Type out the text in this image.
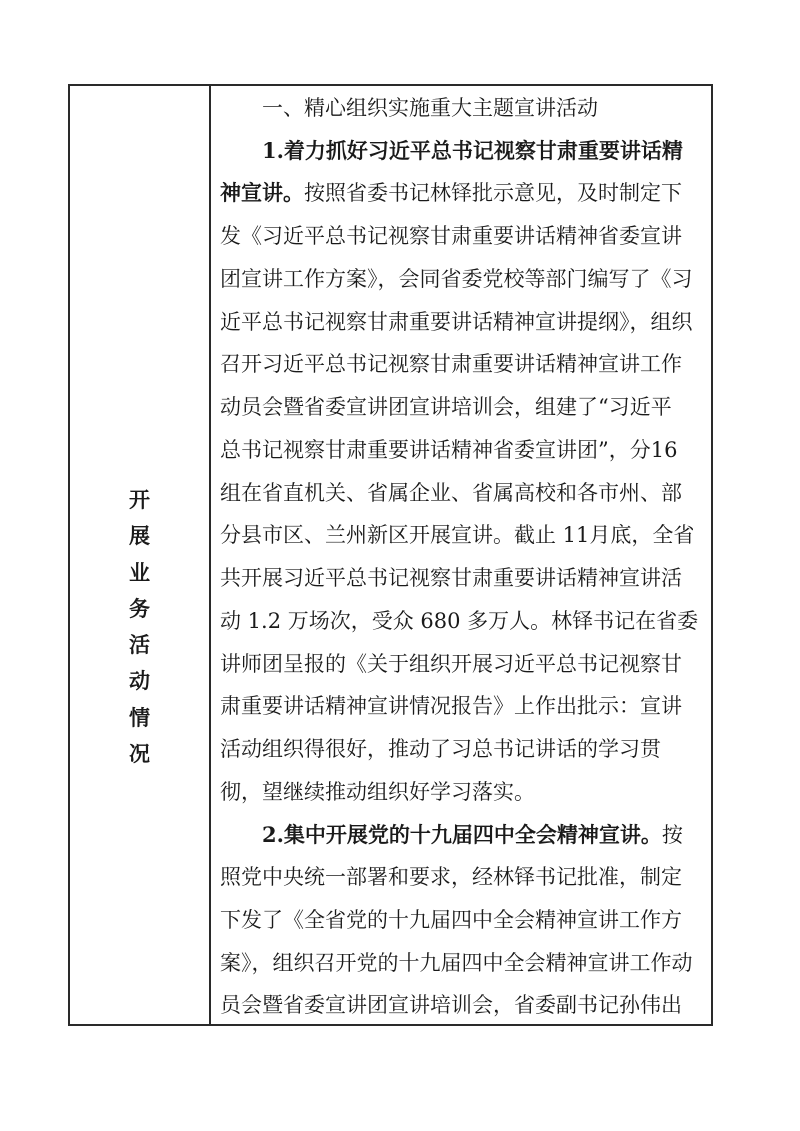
开
展
业
务
活
动
情
况
一、精心组织实施重大主题宣讲活动
1.着力抓好习近平总书记视察甘肃重要讲话精
神宣讲。按照省委书记林铎批示意见，及时制定下
发《习近平总书记视察甘肃重要讲话精神省委宣讲
团宣讲工作方案》，会同省委党校等部门编写了《习
近平总书记视察甘肃重要讲话精神宣讲提纲》，组织
召开习近平总书记视察甘肃重要讲话精神宣讲工作
动员会暨省委宣讲团宣讲培训会，组建了“习近平
总书记视察甘肃重要讲话精神省委宣讲团”，分16
组在省直机关、省属企业、省属高校和各市州、部
分县市区、兰州新区开展宣讲。截止 11月底，全省
共开展习近平总书记视察甘肃重要讲话精神宣讲活
动 1.2 万场次，受众 680 多万人。林铎书记在省委
讲师团呈报的《关于组织开展习近平总书记视察甘
肃重要讲话精神宣讲情况报告》上作出批示：宣讲
活动组织得很好，推动了习总书记讲话的学习贯
彻，望继续推动组织好学习落实。
2.集中开展党的十九届四中全会精神宣讲。按
照党中央统一部署和要求，经林铎书记批准，制定
下发了《全省党的十九届四中全会精神宣讲工作方
案》，组织召开党的十九届四中全会精神宣讲工作动
员会暨省委宣讲团宣讲培训会，省委副书记孙伟出
